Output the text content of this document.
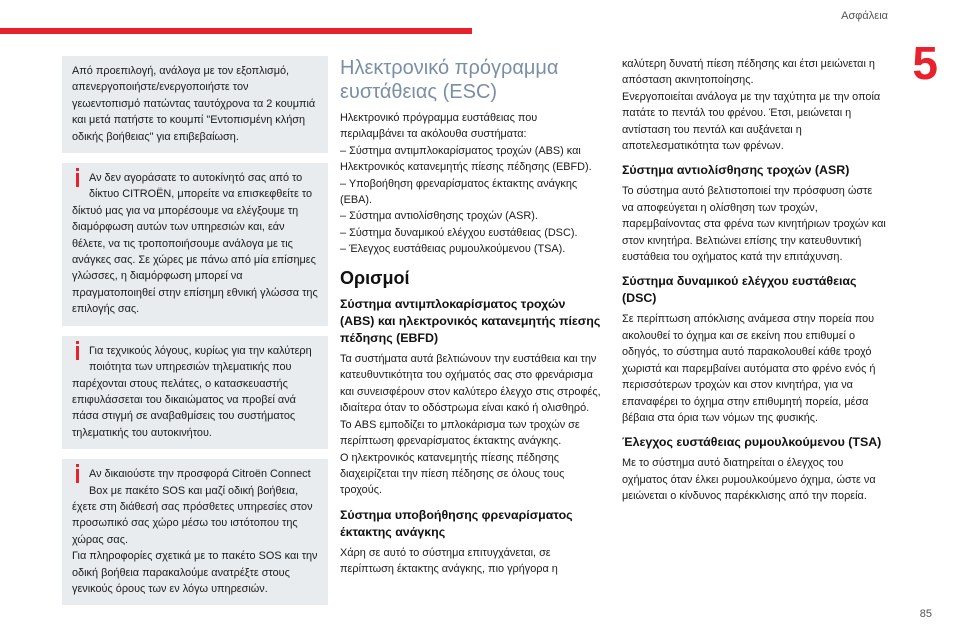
Ασφάλεια
5
85

Από προεπιλογή, ανάλογα με τον εξοπλισμό, απενεργοποιήστε/ενεργοποιήστε τον γεωεντοπισμό πατώντας ταυτόχρονα τα 2 κουμπιά και μετά πατήστε το κουμπί "Εντοπισμένη κλήση οδικής βοήθειας" για επιβεβαίωση.

Αν δεν αγοράσατε το αυτοκίνητό σας από το δίκτυο CITROËN, μπορείτε να επισκεφθείτε το δίκτυό μας για να μπορέσουμε να ελέγξουμε τη διαμόρφωση αυτών των υπηρεσιών και, εάν θέλετε, να τις τροποποιήσουμε ανάλογα με τις ανάγκες σας. Σε χώρες με πάνω από μία επίσημες γλώσσες, η διαμόρφωση μπορεί να πραγματοποιηθεί στην επίσημη εθνική γλώσσα της επιλογής σας.

Για τεχνικούς λόγους, κυρίως για την καλύτερη ποιότητα των υπηρεσιών τηλεματικής που παρέχονται στους πελάτες, ο κατασκευαστής επιφυλάσσεται του δικαιώματος να προβεί ανά πάσα στιγμή σε αναβαθμίσεις του συστήματος τηλεματικής του αυτοκινήτου.

Αν δικαιούστε την προσφορά Citroën Connect Box με πακέτο SOS και μαζί οδική βοήθεια, έχετε στη διάθεσή σας πρόσθετες υπηρεσίες στον προσωπικό σας χώρο μέσω του ιστότοπου της χώρας σας.

Για πληροφορίες σχετικά με το πακέτο SOS και την οδική βοήθεια παρακαλούμε ανατρέξτε στους γενικούς όρους των εν λόγω υπηρεσιών.

Ηλεκτρονικό πρόγραμμα ευστάθειας (ESC)

Ηλεκτρονικό πρόγραμμα ευστάθειας που περιλαμβάνει τα ακόλουθα συστήματα:

– Σύστημα αντιμπλοκαρίσματος τροχών (ABS) και Ηλεκτρονικός κατανεμητής πίεσης πέδησης (EBFD).
– Υποβοήθηση φρεναρίσματος έκτακτης ανάγκης (EBA).
– Σύστημα αντιολίσθησης τροχών (ASR).
– Σύστημα δυναμικού ελέγχου ευστάθειας (DSC).
– Έλεγχος ευστάθειας ρυμουλκούμενου (TSA).
Ορισμοί
Σύστημα αντιμπλοκαρίσματος τροχών (ABS) και ηλεκτρονικός κατανεμητής πίεσης πέδησης (EBFD)

Τα συστήματα αυτά βελτιώνουν την ευστάθεια και την κατευθυντικότητα του οχήματός σας στο φρενάρισμα και συνεισφέρουν στον καλύτερο έλεγχο στις στροφές, ιδιαίτερα όταν το οδόστρωμα είναι κακό ή ολισθηρό.

Το ABS εμποδίζει το μπλοκάρισμα των τροχών σε περίπτωση φρεναρίσματος έκτακτης ανάγκης.

Ο ηλεκτρονικός κατανεμητής πίεσης πέδησης διαχειρίζεται την πίεση πέδησης σε όλους τους τροχούς.

Σύστημα υποβοήθησης φρεναρίσματος έκτακτης ανάγκης

Χάρη σε αυτό το σύστημα επιτυγχάνεται, σε περίπτωση έκτακτης ανάγκης, πιο γρήγορα η

καλύτερη δυνατή πίεση πέδησης και έτσι μειώνεται η απόσταση ακινητοποίησης.

Ενεργοποιείται ανάλογα με την ταχύτητα με την οποία πατάτε το πεντάλ του φρένου. Έτσι, μειώνεται η αντίσταση του πεντάλ και αυξάνεται η αποτελεσματικότητα των φρένων.

Σύστημα αντιολίσθησης τροχών (ASR)

Το σύστημα αυτό βελτιστοποιεί την πρόσφυση ώστε να αποφεύγεται η ολίσθηση των τροχών, παρεμβαίνοντας στα φρένα των κινητήριων τροχών και στον κινητήρα. Βελτιώνει επίσης την κατευθυντική ευστάθεια του οχήματος κατά την επιτάχυνση.

Σύστημα δυναμικού ελέγχου ευστάθειας (DSC)

Σε περίπτωση απόκλισης ανάμεσα στην πορεία που ακολουθεί το όχημα και σε εκείνη που επιθυμεί ο οδηγός, το σύστημα αυτό παρακολουθεί κάθε τροχό χωριστά και παρεμβαίνει αυτόματα στο φρένο ενός ή περισσότερων τροχών και στον κινητήρα, για να επαναφέρει το όχημα στην επιθυμητή πορεία, μέσα βέβαια στα όρια των νόμων της φυσικής.

Έλεγχος ευστάθειας ρυμουλκούμενου (TSA)

Με το σύστημα αυτό διατηρείται ο έλεγχος του οχήματος όταν έλκει ρυμουλκούμενο όχημα, ώστε να μειώνεται ο κίνδυνος παρέκκλισης από την πορεία.
